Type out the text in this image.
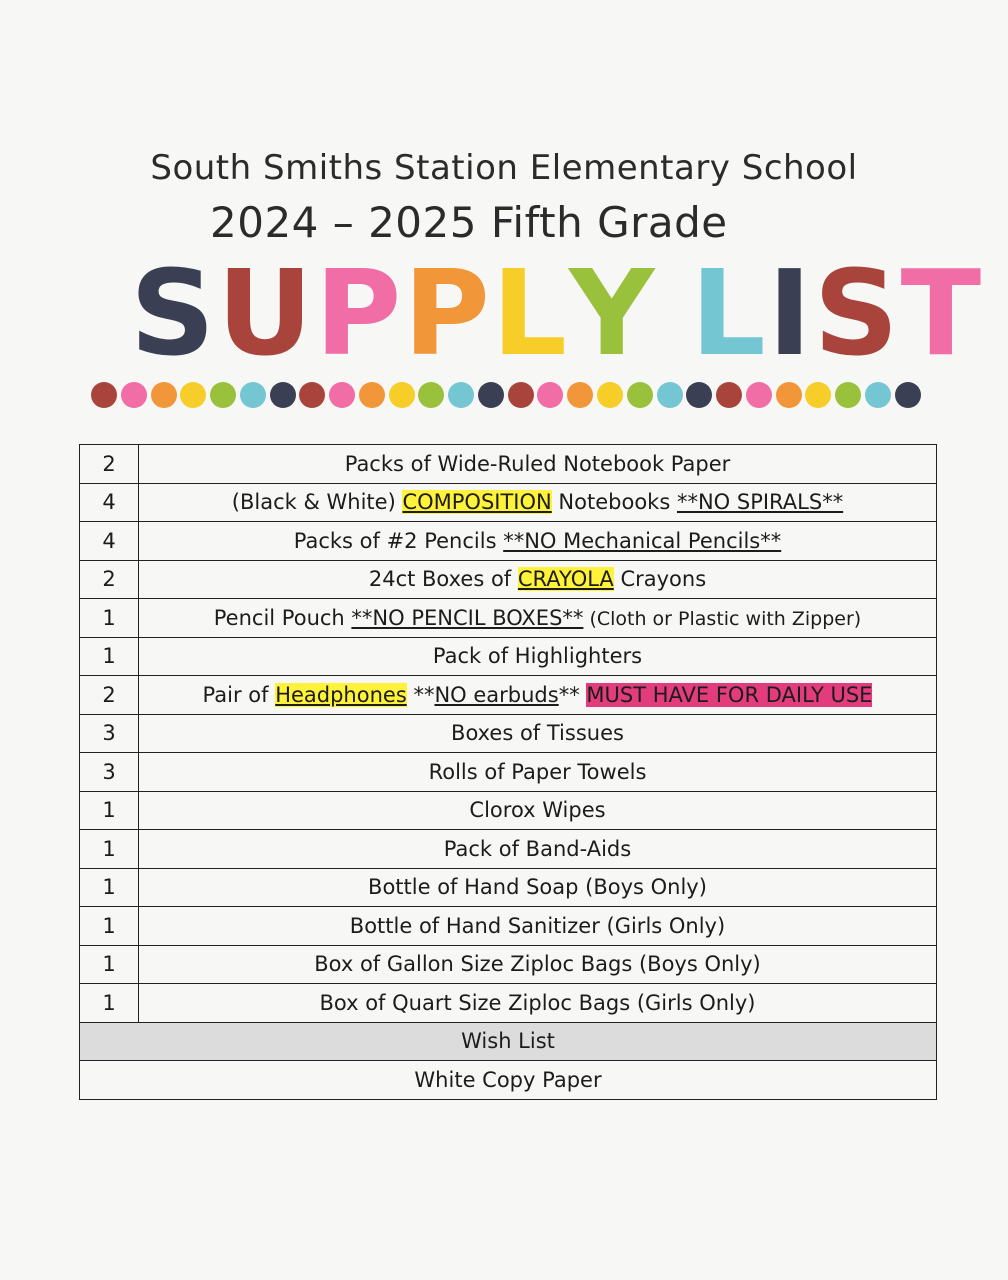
South Smiths Station Elementary School
2024 – 2025 Fifth Grade
SUPPLY LIST
2	Packs of Wide-Ruled Notebook Paper
4	(Black & White) COMPOSITION Notebooks **NO SPIRALS**
4	Packs of #2 Pencils **NO Mechanical Pencils**
2	24ct Boxes of CRAYOLA Crayons
1	Pencil Pouch **NO PENCIL BOXES** (Cloth or Plastic with Zipper)
1	Pack of Highlighters
2	Pair of Headphones **NO earbuds** MUST HAVE FOR DAILY USE
3	Boxes of Tissues
3	Rolls of Paper Towels
1	Clorox Wipes
1	Pack of Band-Aids
1	Bottle of Hand Soap (Boys Only)
1	Bottle of Hand Sanitizer (Girls Only)
1	Box of Gallon Size Ziploc Bags (Boys Only)
1	Box of Quart Size Ziploc Bags (Girls Only)
Wish List	
White Copy Paper	
